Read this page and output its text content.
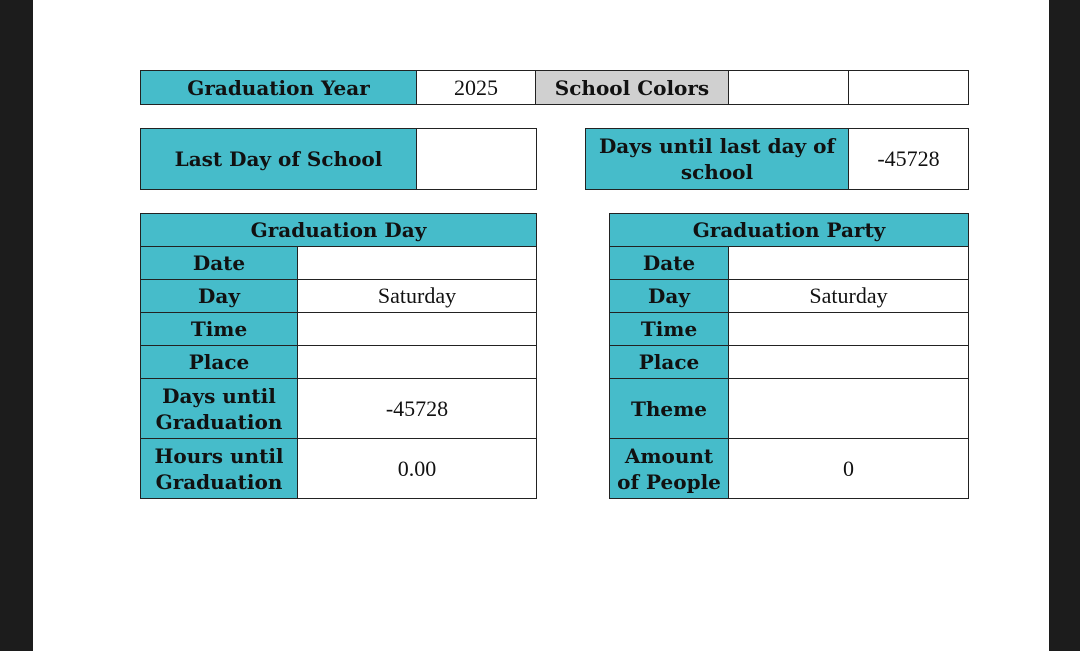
Graduation Year	2025	School Colors		
Last Day of School	
Days until last day of school	-45728
Graduation Day	
Date	
Day	Saturday
Time	
Place	
Days until Graduation	-45728
Hours until Graduation	0.00
Graduation Party	
Date	
Day	Saturday
Time	
Place	
Theme	
Amount of People	0
